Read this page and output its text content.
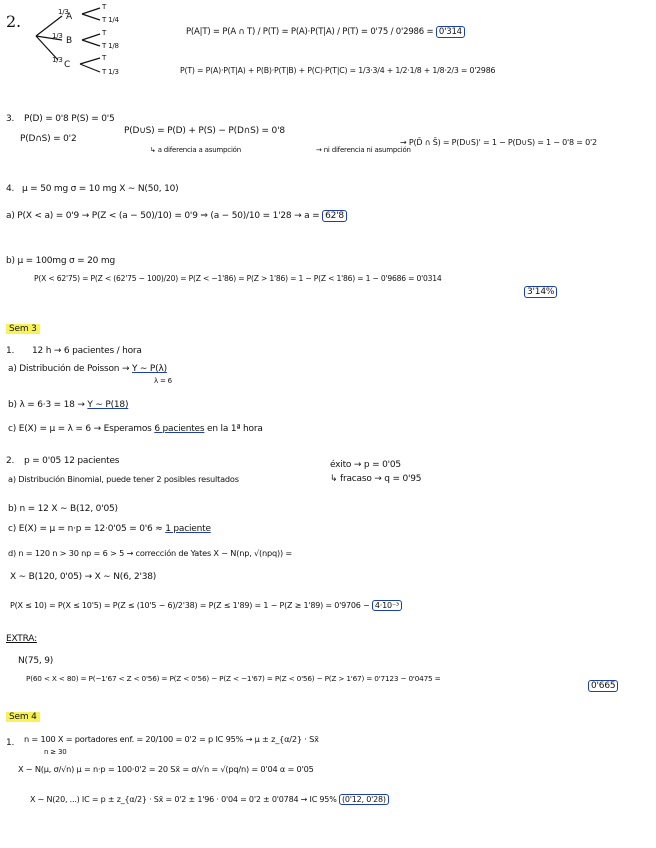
2.	1/3
1/3
1/3
A
B
C
T
T 1/4
T
T 1/8
T
T 1/3
P(A|T) = P(A ∩ T) / P(T) = P(A)·P(T|A) / P(T) = 0'75 / 0'2986 = 0'314
P(T) = P(A)·P(T|A) + P(B)·P(T|B) + P(C)·P(T|C) = 1/3·3/4 + 1/2·1/8 + 1/8·2/3 = 0'2986
3. P(D) = 0'8 P(S) = 0'5
P(D∩S) = 0'2
P(D∪S) = P(D) + P(S) − P(D∩S) = 0'8
↳ a diferencia a asumpción	→ ni diferencia ni asumpción
→ P(D̄ ∩ S̄) = P(D∪S)' = 1 − P(D∪S) = 1 − 0'8 = 0'2
4. μ = 50 mg σ = 10 mg X ∼ N(50, 10)
a) P(X < a) = 0'9 → P(Z < (a − 50)/10) = 0'9 ⇒ (a − 50)/10 = 1'28 → a = 62'8
b) μ = 100mg σ = 20 mg
P(X < 62'75) = P(Z < (62'75 − 100)/20) = P(Z < −1'86) = P(Z > 1'86) = 1 − P(Z < 1'86) = 1 − 0'9686 = 0'0314
3'14%
Sem 3
1. 12 h → 6 pacientes / hora
a) Distribución de Poisson → Y ∼ P(λ)
λ = 6
b) λ = 6·3 = 18 → Y ∼ P(18)
c) E(X) = μ = λ = 6 → Esperamos 6 pacientes en la 1ª hora
2. p = 0'05 12 pacientes
a) Distribución Binomial, puede tener 2 posibles resultados
éxito → p = 0'05
↳ fracaso → q = 0'95
b) n = 12 X ∼ B(12, 0'05)
c) E(X) = μ = n·p = 12·0'05 = 0'6 ≈ 1 paciente
d) n = 120 n > 30 np = 6 > 5 → corrección de Yates X ∼ N(np, √(npq)) =
X ∼ B(120, 0'05) → X ∼ N(6, 2'38)
P(X ≤ 10) = P(X ≤ 10'5) = P(Z ≤ (10'5 − 6)/2'38) = P(Z ≤ 1'89) = 1 − P(Z ≥ 1'89) = 0'9706 − 4·10⁻³
EXTRA:
N(75, 9)
P(60 < X < 80) = P(−1'67 < Z < 0'56) = P(Z < 0'56) − P(Z < −1'67) = P(Z < 0'56) − P(Z > 1'67) = 0'7123 − 0'0475 =
0'665
Sem 4
1. n = 100 X = portadores enf. = 20/100 = 0'2 = p IC 95% → μ ± z_{α/2} · Sx̄
n ≥ 30
X ∼ N(μ, σ/√n) μ = n·p = 100·0'2 = 20 Sx̄ = σ/√n = √(pq/n) = 0'04 α = 0'05
X ∼ N(20, ...) IC = p ± z_{α/2} · Sx̄ = 0'2 ± 1'96 · 0'04 = 0'2 ± 0'0784 → IC 95% (0'12, 0'28)
